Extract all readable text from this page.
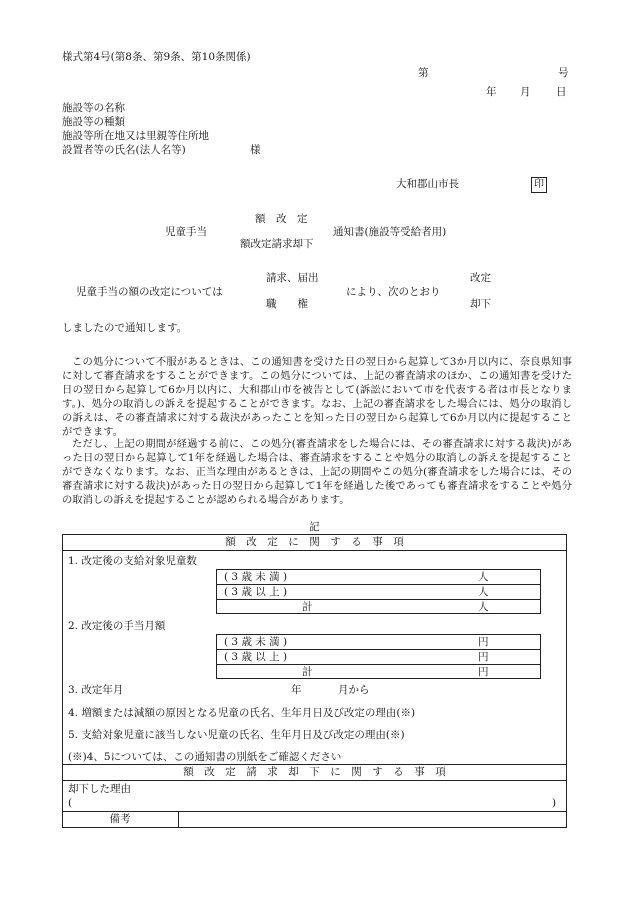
様式第4号(第8条、第9条、第10条関係)
第	号
年 月 日
施設等の名称
施設等の種類
施設等所在地又は里親等住所地
設置者等の氏名(法人名等)	様
大和郡山市長	印
額　改　定
児童手当	通知書(施設等受給者用)
額改定請求却下
請求、届出	改定
児童手当の額の改定については	により、次のとおり
職　　権	却下
しましたので通知します。
この処分について不服があるときは、この通知書を受けた日の翌日から起算して3か月以内に、奈良県知事に対して審査請求をすることができます。この処分については、上記の審査請求のほか、この通知書を受けた日の翌日から起算して6か月以内に、大和郡山市を被告として(訴訟において市を代表する者は市長となります。)、処分の取消しの訴えを提起することができます。なお、上記の審査請求をした場合には、処分の取消しの訴えは、その審査請求に対する裁決があったことを知った日の翌日から起算して6か月以内に提起することができます。
ただし、上記の期間が経過する前に、この処分(審査請求をした場合には、その審査請求に対する裁決)があった日の翌日から起算して1年を経過した場合は、審査請求をすることや処分の取消しの訴えを提起することができなくなります。なお、正当な理由があるときは、上記の期間やこの処分(審査請求をした場合には、その審査請求に対する裁決)があった日の翌日から起算して1年を経過した後であっても審査請求をすることや処分の取消しの訴えを提起することが認められる場合があります。
記
額　改　定　に　関　す　る　事　項
1. 改定後の支給対象児童数
( 3 歳 未 満 )	人
( 3 歳 以 上 )	人
計	人
2. 改定後の手当月額
( 3 歳 未 満 )	円
( 3 歳 以 上 )	円
計	円
3. 改定年月	年	月から
4. 増額または減額の原因となる児童の氏名、生年月日及び改定の理由(※)
5. 支給対象児童に該当しない児童の氏名、生年月日及び改定の理由(※)
(※)4、5については、この通知書の別紙をご確認ください
額　改　定　請　求　却　下　に　関　す　る　事　項
却下した理由
(	)
備考
